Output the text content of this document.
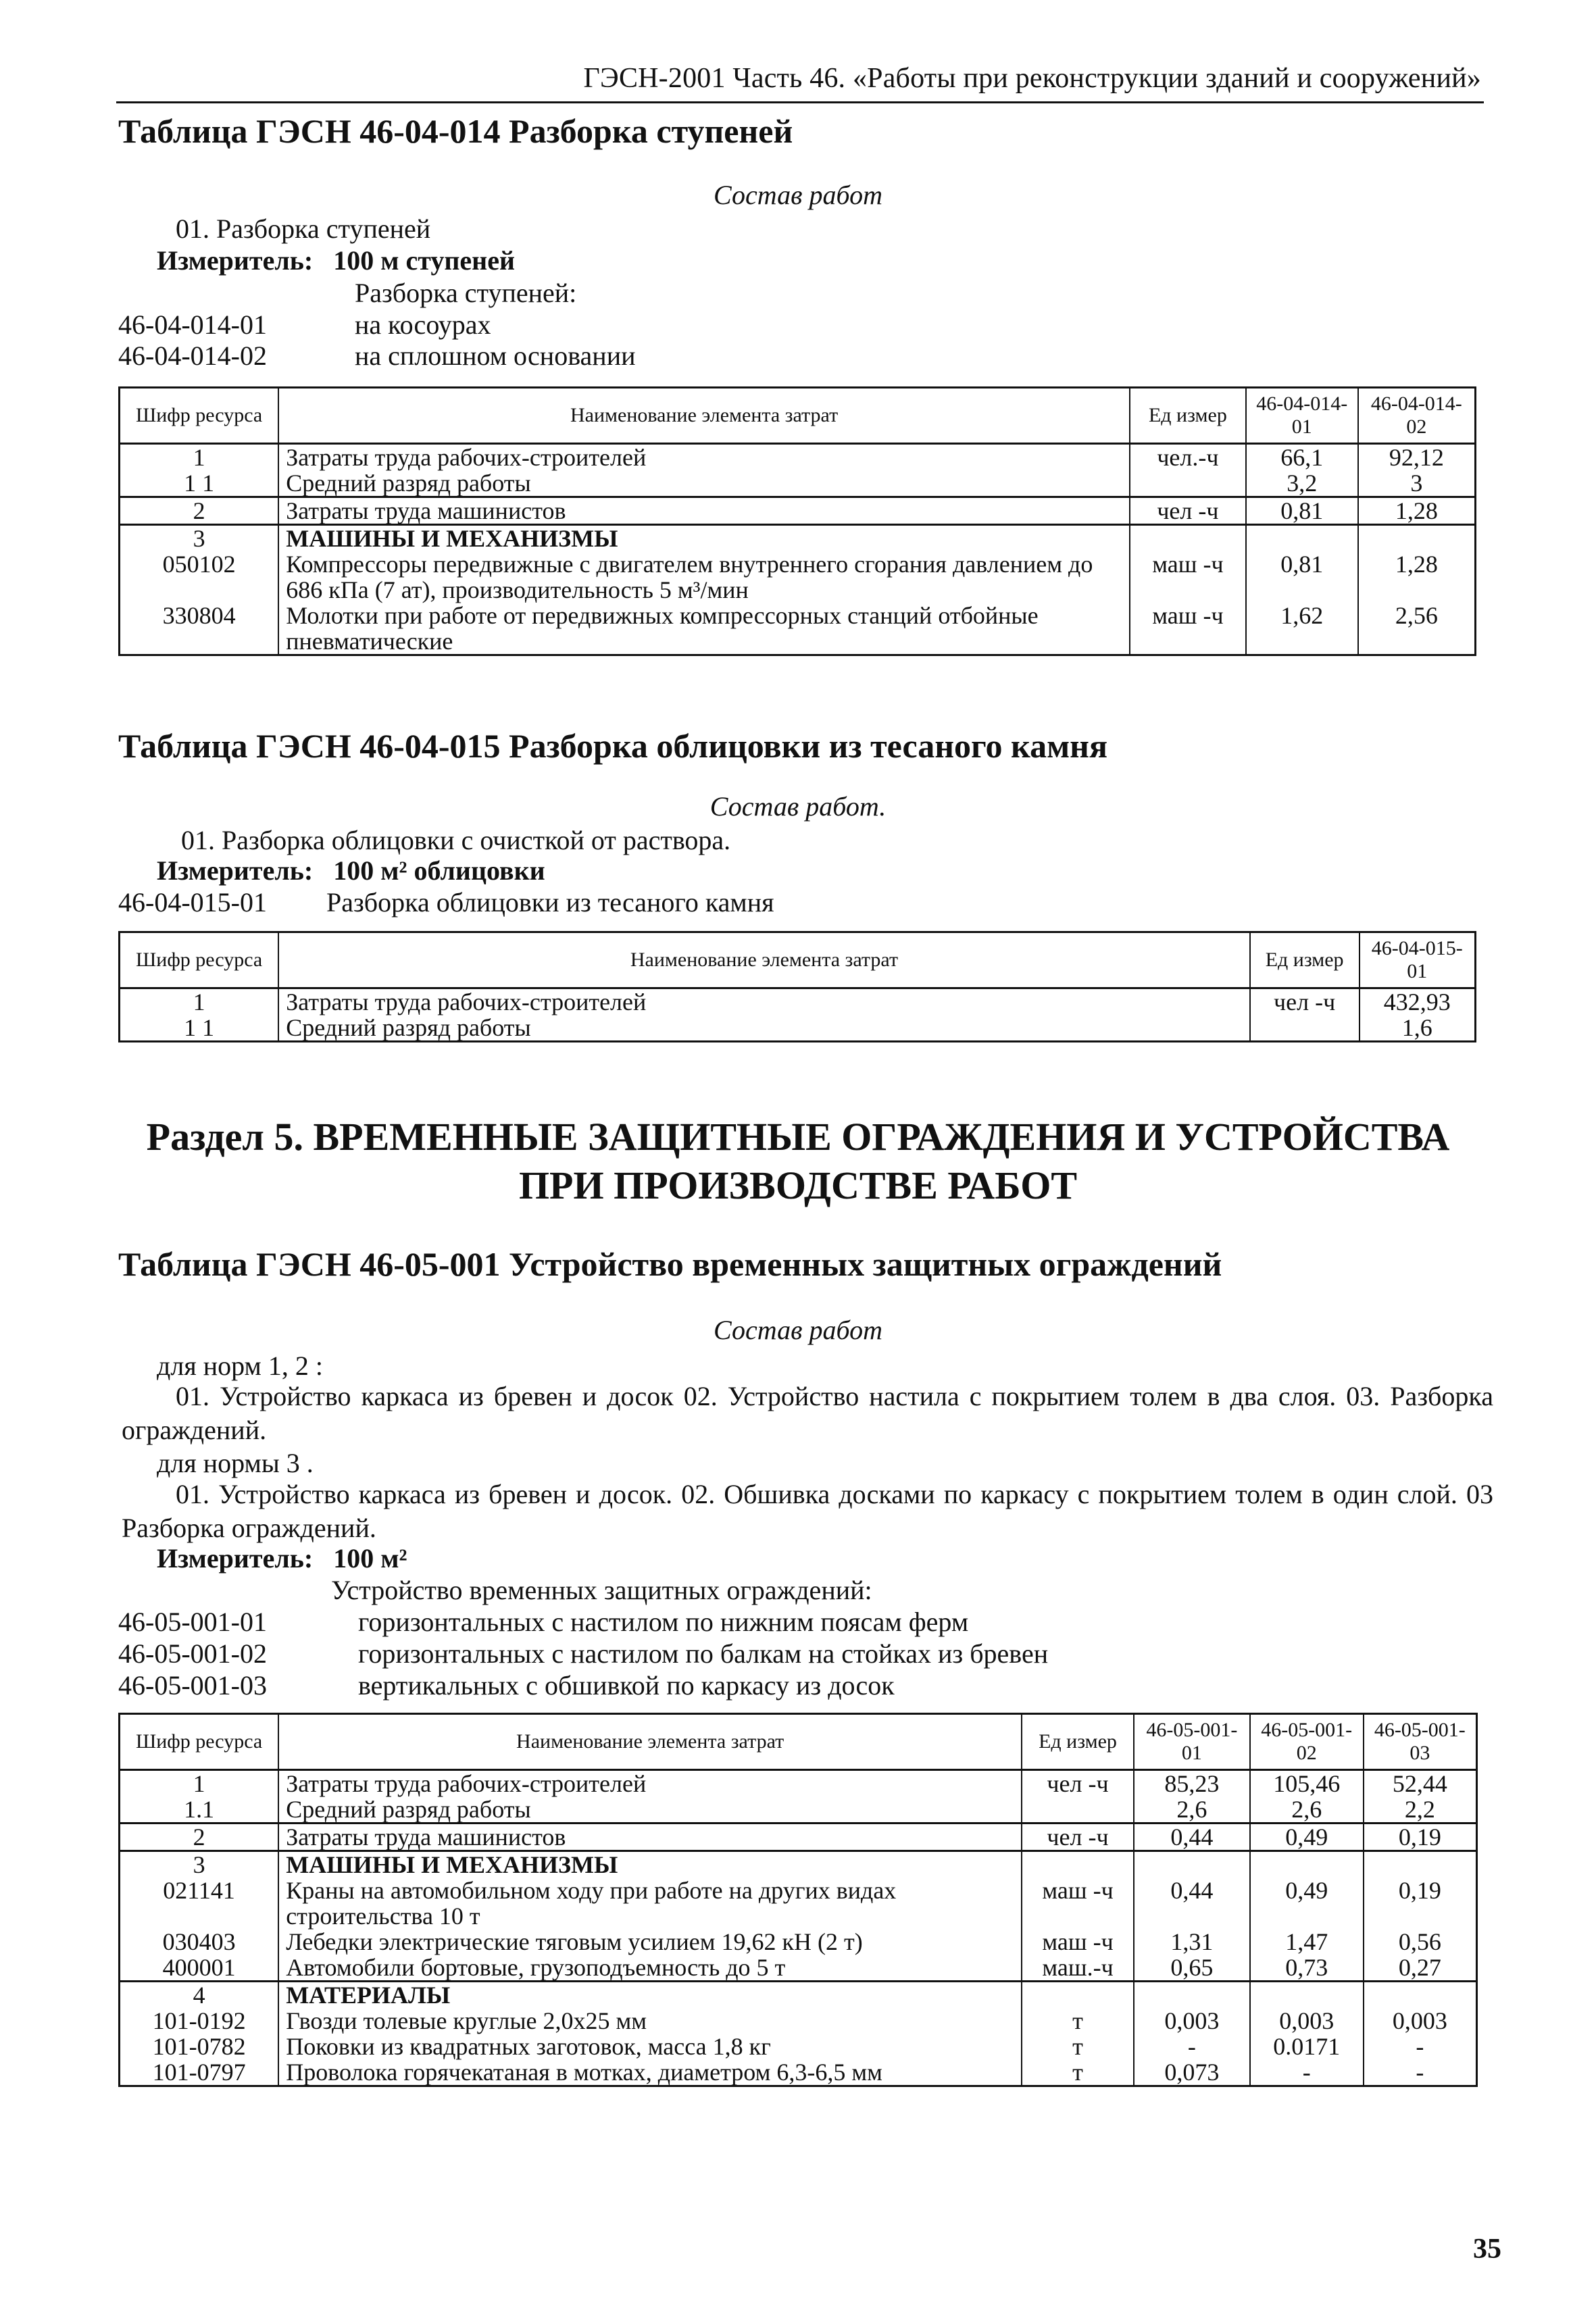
ГЭСН-2001 Часть 46. «Работы при реконструкции зданий и сооружений»
Таблица ГЭСН 46-04-014 Разборка ступеней
Состав работ
01. Разборка ступеней
Измеритель: 100 м ступеней
Разборка ступеней:
46-04-014-01	на косоурах
46-04-014-02	на сплошном основании
Шифр ресурса	Наименование элемента затрат	Ед измер	46-04-014-01	46-04-014-02
1	Затраты труда рабочих-строителей	чел.-ч	66,1	92,12
1 1	Средний разряд работы		3,2	3
2	Затраты труда машинистов	чел -ч	0,81	1,28
3	МАШИНЫ И МЕХАНИЗМЫ			
050102	Компрессоры передвижные с двигателем внутреннего сгорания давлением до 686 кПа (7 ат), производительность 5 м³/мин	маш -ч	0,81	1,28
330804	Молотки при работе от передвижных компрессорных станций отбойные пневматические	маш -ч	1,62	2,56
Таблица ГЭСН 46-04-015 Разборка облицовки из тесаного камня
Состав работ.
01. Разборка облицовки с очисткой от раствора.
Измеритель: 100 м² облицовки
46-04-015-01 Разборка облицовки из тесаного камня
Шифр ресурса	Наименование элемента затрат	Ед измер	46-04-015-01
1	Затраты труда рабочих-строителей	чел -ч	432,93
1 1	Средний разряд работы		1,6
Раздел 5. ВРЕМЕННЫЕ ЗАЩИТНЫЕ ОГРАЖДЕНИЯ И УСТРОЙСТВА
ПРИ ПРОИЗВОДСТВЕ РАБОТ
Таблица ГЭСН 46-05-001 Устройство временных защитных ограждений
Состав работ
для норм 1, 2 :
01. Устройство каркаса из бревен и досок 02. Устройство настила с покрытием толем в два слоя. 03. Разборка ограждений.
для нормы 3 .
01. Устройство каркаса из бревен и досок. 02. Обшивка досками по каркасу с покрытием толем в один слой. 03 Разборка ограждений.
Измеритель: 100 м²
Устройство временных защитных ограждений:
46-05-001-01	горизонтальных с настилом по нижним поясам ферм
46-05-001-02	горизонтальных с настилом по балкам на стойках из бревен
46-05-001-03	вертикальных с обшивкой по каркасу из досок
Шифр ресурса	Наименование элемента затрат	Ед измер	46-05-001-01	46-05-001-02	46-05-001-03
1	Затраты труда рабочих-строителей	чел -ч	85,23	105,46	52,44
1.1	Средний разряд работы		2,6	2,6	2,2
2	Затраты труда машинистов	чел -ч	0,44	0,49	0,19
3	МАШИНЫ И МЕХАНИЗМЫ				
021141	Краны на автомобильном ходу при работе на других видах строительства 10 т	маш -ч	0,44	0,49	0,19
030403	Лебедки электрические тяговым усилием 19,62 кН (2 т)	маш -ч	1,31	1,47	0,56
400001	Автомобили бортовые, грузоподъемность до 5 т	маш.-ч	0,65	0,73	0,27
4	МАТЕРИАЛЫ				
101-0192	Гвозди толевые круглые 2,0х25 мм	т	0,003	0,003	0,003
101-0782	Поковки из квадратных заготовок, масса 1,8 кг	т	-	0.0171	-
101-0797	Проволока горячекатаная в мотках, диаметром 6,3-6,5 мм	т	0,073	-	-
35
